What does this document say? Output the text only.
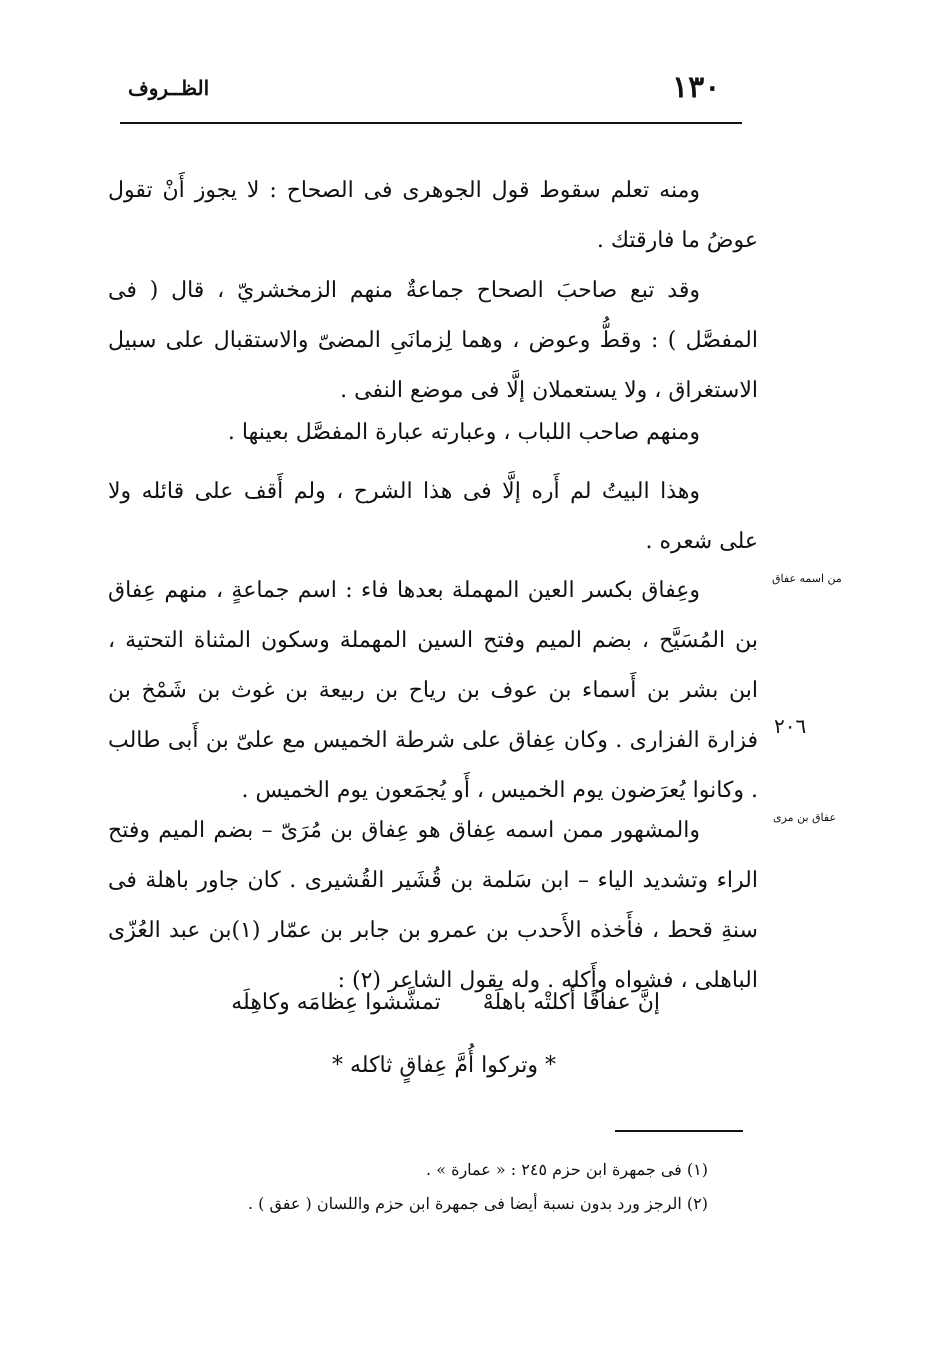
١٣٠
الظــروف

ومنه تعلم سقوط قول الجوهرى فى الصحاح : لا يجوز أَنْ تقول عوضُ ما فارقتك .

وقد تبع صاحبَ الصحاح جماعةٌ منهم الزمخشريّ ، قال ( فى المفصَّل ) : وقطُّ وعوض ، وهما لِزمانَىِ المضىّ والاستقبال على سبيل الاستغراق ، ولا يستعملان إلَّا فى موضع النفى .

ومنهم صاحب اللباب ، وعبارته عبارة المفصَّل بعينها .

وهذا البيتُ لم أَره إلَّا فى هذا الشرح ، ولم أَقف على قائله ولا على شعره .

من اسمه عفاق

وعِفاق بكسر العين المهملة بعدها فاء : اسم جماعةٍ ، منهم عِفاق بن المُسَيَّح ، بضم الميم وفتح السين المهملة وسكون المثناة التحتية ، ابن بشر بن أَسماء بن عوف بن رياح بن ربيعة بن غوث بن شَمْخ بن فزارة الفزارى . وكان عِفاق على شرطة الخميس مع علىّ بن أَبى طالب . وكانوا يُعرَضون يوم الخميس ، أَو يُجمَعون يوم الخميس .

٢٠٦
عفاق بن مرى

والمشهور ممن اسمه عِفاق هو عِفاق بن مُرَىّ – بضم الميم وفتح الراء وتشديد الياء – ابن سَلمة بن قُشَير القُشيرى . كان جاور باهلة فى سنةِ قحط ، فأَخذه الأَحدب بن عمرو بن جابر بن عمّار (١)بن عبد العُزّى الباهلى ، فشواه وأَكله . وله يقول الشاعر (٢) :

إنَّ عفاقًا أَكلتْه باهلَهْ  تمشَّشوا عِظامَه وكاهِلَه
* وتركوا أُمَّ عِفاقٍ ثاكله *
(١) فى جمهرة ابن حزم ٢٤٥ : « عمارة » .
(٢) الرجز ورد بدون نسبة أيضا فى جمهرة ابن حزم واللسان ( عفق ) .
